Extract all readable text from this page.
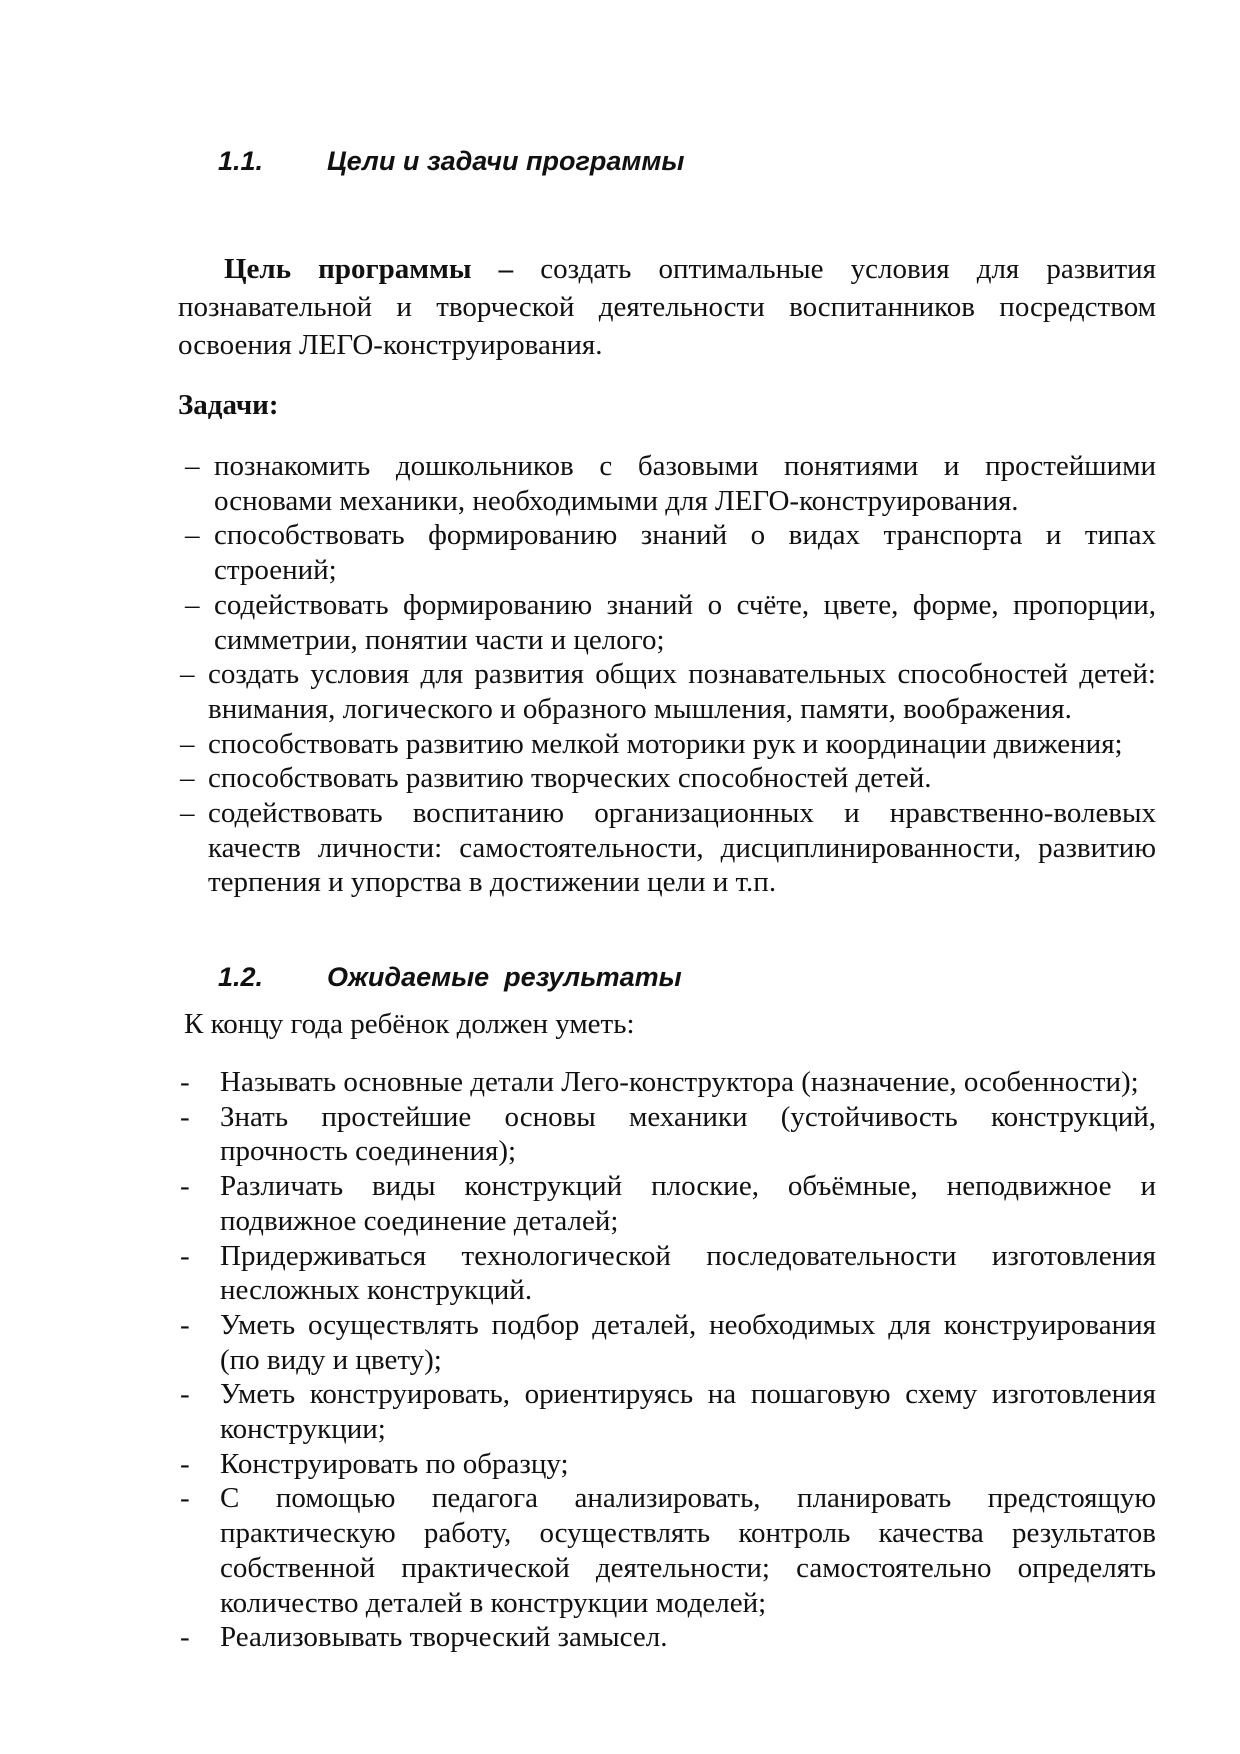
1.1. Цели и задачи программы
Цель программы – создать оптимальные условия для развития познавательной и творческой деятельности воспитанников посредством освоения ЛЕГО-конструирования.
Задачи:
– познакомить дошкольников с базовыми понятиями и простейшими основами механики, необходимыми для ЛЕГО-конструирования.
– способствовать формированию знаний о видах транспорта и типах строений;
– содействовать формированию знаний о счёте, цвете, форме, пропорции, симметрии, понятии части и целого;
– создать условия для развития общих познавательных способностей детей: внимания, логического и образного мышления, памяти, воображения.
– способствовать развитию мелкой моторики рук и координации движения;
– способствовать развитию творческих способностей детей.
– содействовать воспитанию организационных и нравственно-волевых качеств личности: самостоятельности, дисциплинированности, развитию терпения и упорства в достижении цели и т.п.
1.2. Ожидаемые  результаты
К концу года ребёнок должен уметь:
- Называть основные детали Лего-конструктора (назначение, особенности);
- Знать простейшие основы механики (устойчивость конструкций, прочность соединения);
- Различать виды конструкций плоские, объёмные, неподвижное и подвижное соединение деталей;
- Придерживаться технологической последовательности изготовления несложных конструкций.
- Уметь осуществлять подбор деталей, необходимых для конструирования (по виду и цвету);
- Уметь конструировать, ориентируясь на пошаговую схему изготовления конструкции;
- Конструировать по образцу;
- С помощью педагога анализировать, планировать предстоящую практическую работу, осуществлять контроль качества результатов собственной практической деятельности; самостоятельно определять количество деталей в конструкции моделей;
- Реализовывать творческий замысел.
